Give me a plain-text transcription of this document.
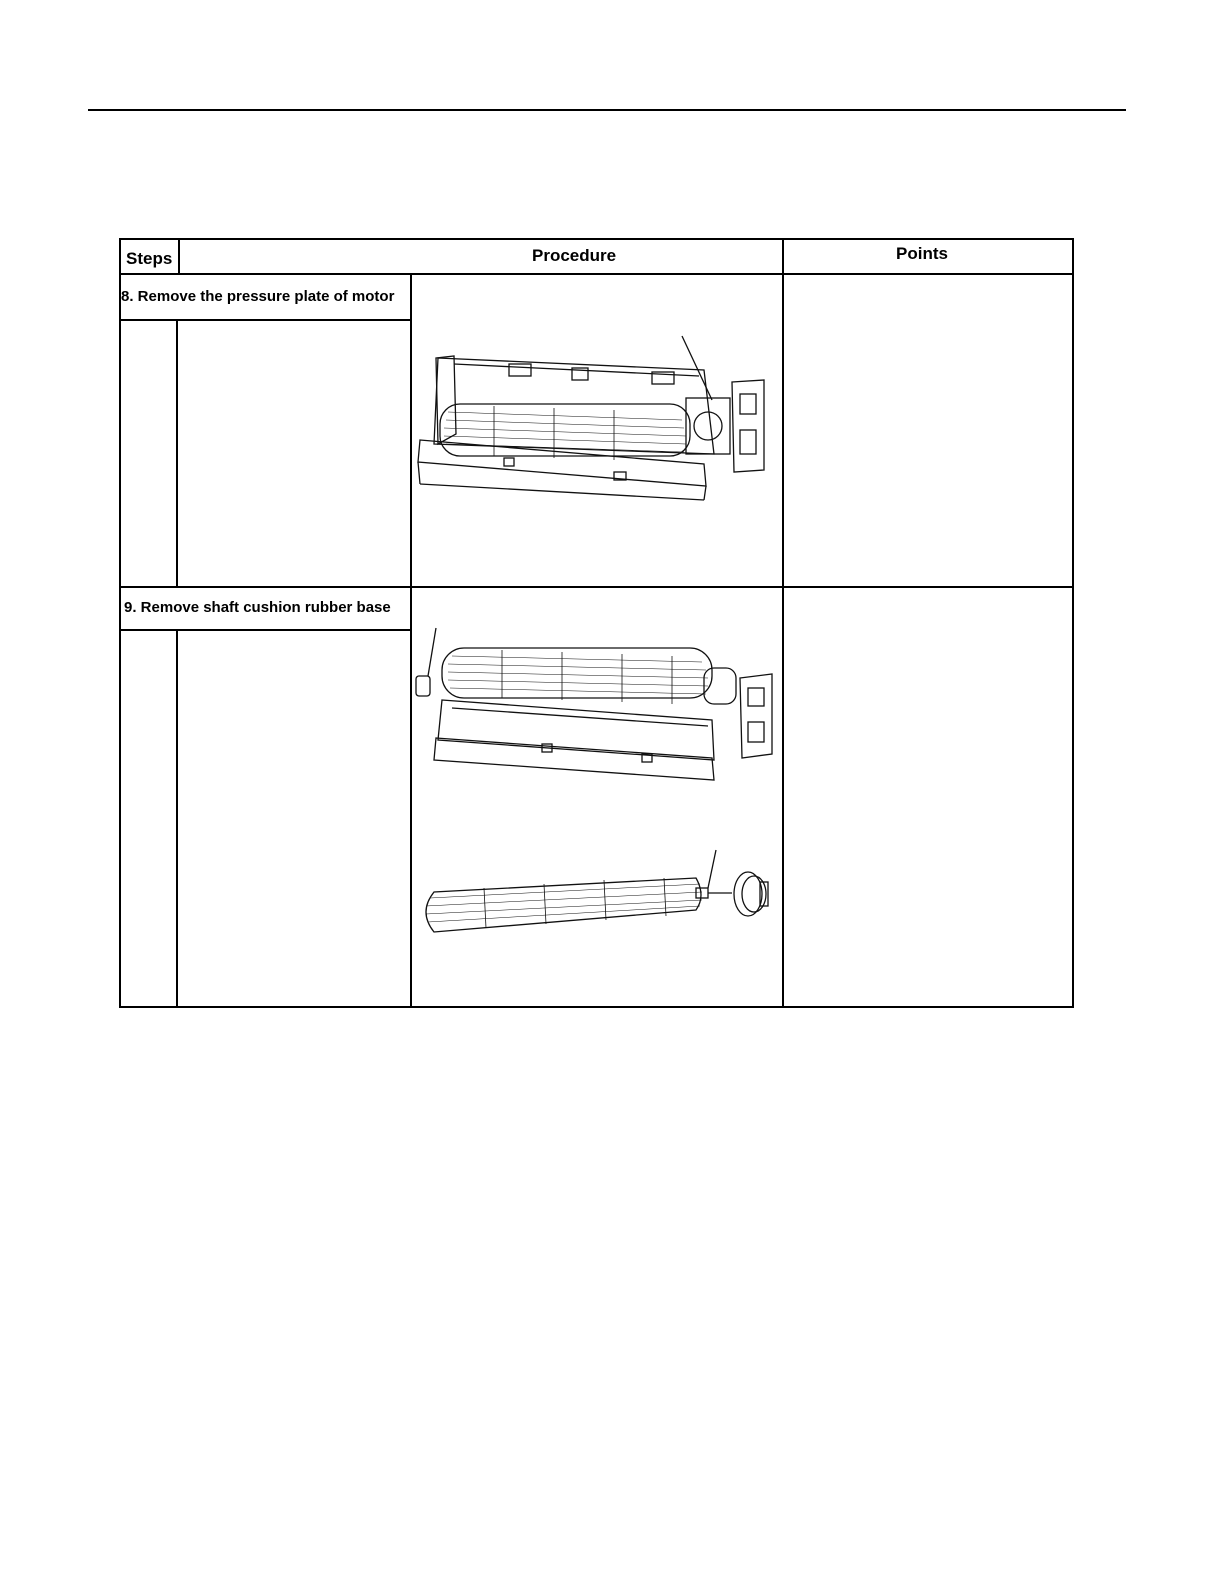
Steps	Procedure	Points
8. Remove the pressure plate of motor
9. Remove shaft cushion rubber base
